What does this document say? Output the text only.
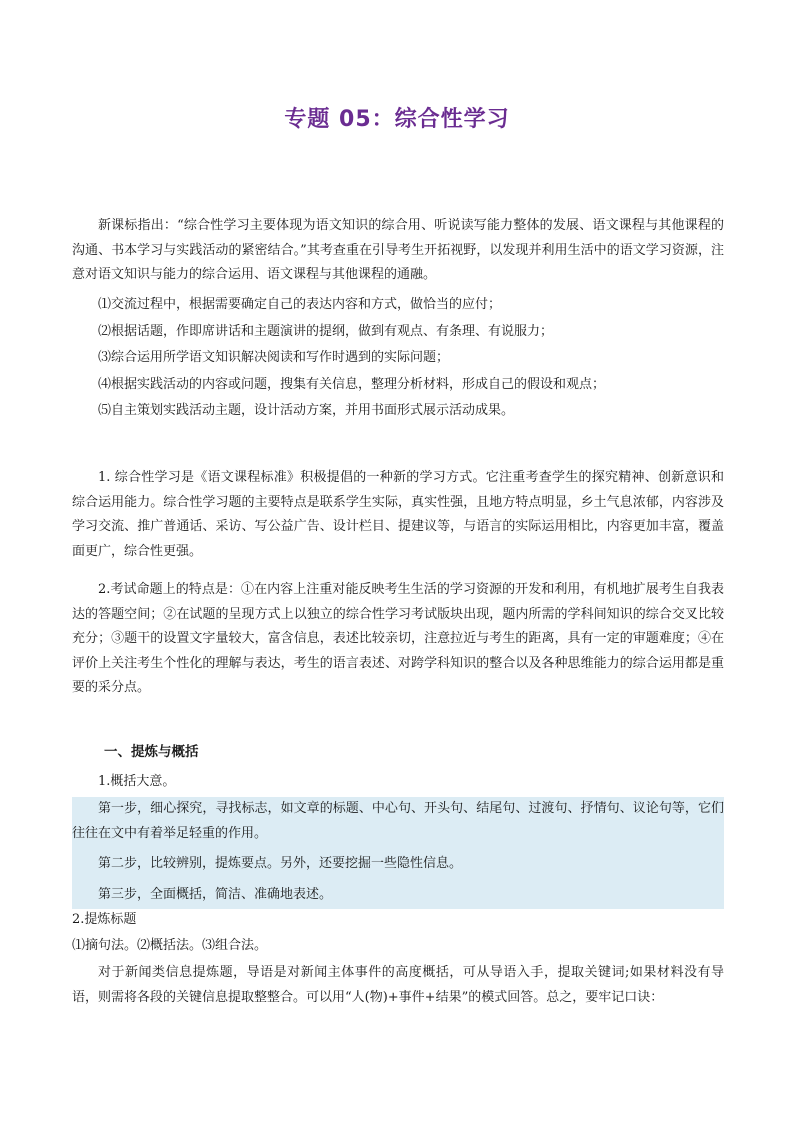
专题 05：综合性学习
新课标指出：“综合性学习主要体现为语文知识的综合用、听说读写能力整体的发展、语文课程与其他课程的沟通、书本学习与实践活动的紧密结合。”其考查重在引导考生开拓视野，以发现并利用生活中的语文学习资源，注意对语文知识与能力的综合运用、语文课程与其他课程的通融。

⑴交流过程中，根据需要确定自己的表达内容和方式，做恰当的应付；

⑵根据话题，作即席讲话和主题演讲的提纲，做到有观点、有条理、有说服力；

⑶综合运用所学语文知识解决阅读和写作时遇到的实际问题；

⑷根据实践活动的内容或问题，搜集有关信息，整理分析材料，形成自己的假设和观点；

⑸自主策划实践活动主题，设计活动方案，并用书面形式展示活动成果。

1. 综合性学习是《语文课程标准》积极提倡的一种新的学习方式。它注重考查学生的探究精神、创新意识和综合运用能力。综合性学习题的主要特点是联系学生实际，真实性强，且地方特点明显，乡土气息浓郁，内容涉及学习交流、推广普通话、采访、写公益广告、设计栏目、提建议等，与语言的实际运用相比，内容更加丰富，覆盖面更广，综合性更强。
2.考试命题上的特点是：①在内容上注重对能反映考生生活的学习资源的开发和利用，有机地扩展考生自我表达的答题空间；②在试题的呈现方式上以独立的综合性学习考试版块出现，题内所需的学科间知识的综合交叉比较充分；③题干的设置文字量较大，富含信息，表述比较亲切，注意拉近与考生的距离，具有一定的审题难度；④在评价上关注考生个性化的理解与表达，考生的语言表述、对跨学科知识的整合以及各种思维能力的综合运用都是重要的采分点。
一、提炼与概括
1.概括大意。

第一步，细心探究，寻找标志，如文章的标题、中心句、开头句、结尾句、过渡句、抒情句、议论句等，它们往往在文中有着举足轻重的作用。

第二步，比较辨别，提炼要点。另外，还要挖掘一些隐性信息。

第三步，全面概括，简洁、准确地表述。

2.提炼标题
⑴摘句法。⑵概括法。⑶组合法。
对于新闻类信息提炼题，导语是对新闻主体事件的高度概括，可从导语入手，提取关键词;如果材料没有导语，则需将各段的关键信息提取整整合。可以用“人(物)+事件+结果”的模式回答。总之，要牢记口诀：
